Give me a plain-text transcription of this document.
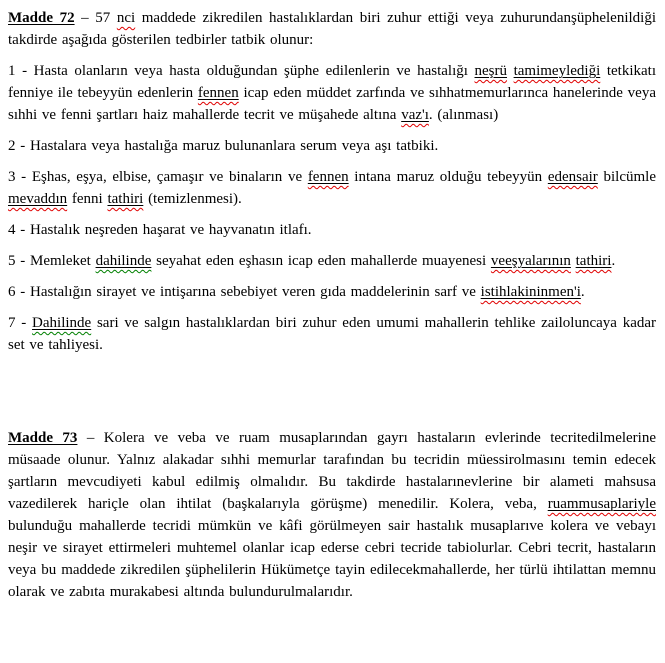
Madde 72 – 57 nci maddede zikredilen hastalıklardan biri zuhur ettiği veya zuhurundanşüphelenildiği takdirde aşağıda gösterilen tedbirler tatbik olunur:

1 - Hasta olanların veya hasta olduğundan şüphe edilenlerin ve hastalığı neşrü tamimeylediği tetkikatı fenniye ile tebeyyün edenlerin fennen icap eden müddet zarfında ve sıhhatmemurlarınca hanelerinde veya sıhhi ve fenni şartları haiz mahallerde tecrit ve müşahede altına vaz'ı. (alınması)

2 - Hastalara veya hastalığa maruz bulunanlara serum veya aşı tatbiki.

3 - Eşhas, eşya, elbise, çamaşır ve binaların ve fennen intana maruz olduğu tebeyyün edensair bilcümle mevaddın fenni tathiri (temizlenmesi).

4 - Hastalık neşreden haşarat ve hayvanatın itlafı.

5 - Memleket dahilinde seyahat eden eşhasın icap eden mahallerde muayenesi veeşyalarının tathiri.

6 - Hastalığın sirayet ve intişarına sebebiyet veren gıda maddelerinin sarf ve istihlakininmen'i.

7 - Dahilinde sari ve salgın hastalıklardan biri zuhur eden umumi mahallerin tehlike zailoluncaya kadar set ve tahliyesi.

Madde 73 – Kolera ve veba ve ruam musaplarından gayrı hastaların evlerinde tecritedilmelerine müsaade olunur. Yalnız alakadar sıhhi memurlar tarafından bu tecridin müessirolmasını temin edecek şartların mevcudiyeti kabul edilmiş olmalıdır. Bu takdirde hastalarınevlerine bir alameti mahsusa vazedilerek hariçle olan ihtilat (başkalarıyla görüşme) menedilir. Kolera, veba, ruammusaplariyle bulunduğu mahallerde tecridi mümkün ve kâfi görülmeyen sair hastalık musaplarıve kolera ve vebayı neşir ve sirayet ettirmeleri muhtemel olanlar icap ederse cebri tecride tabiolurlar. Cebri tecrit, hastaların veya bu maddede zikredilen şüphelilerin Hükümetçe tayin edilecekmahallerde, her türlü ihtilattan memnu olarak ve zabıta murakabesi altında bulundurulmalarıdır.
